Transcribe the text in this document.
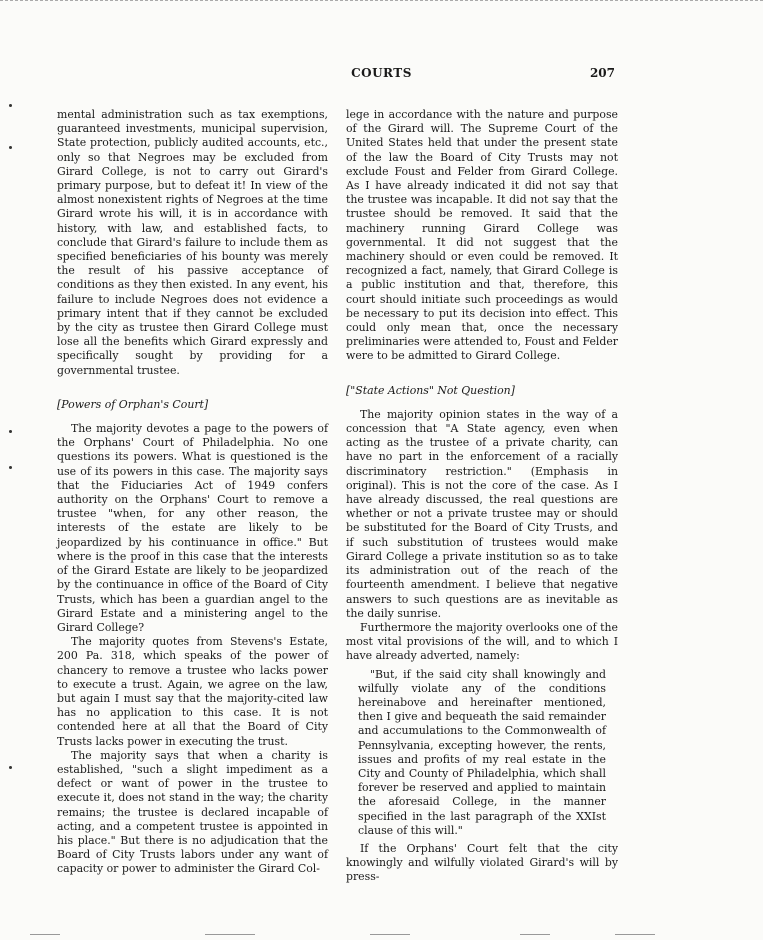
COURTS	207

mental administration such as tax exemptions, guaranteed investments, municipal supervision, State protection, publicly audited accounts, etc., only so that Negroes may be excluded from Girard College, is not to carry out Girard's primary purpose, but to defeat it! In view of the almost nonexistent rights of Negroes at the time Girard wrote his will, it is in accordance with history, with law, and established facts, to conclude that Girard's failure to include them as specified beneficiaries of his bounty was merely the result of his passive acceptance of conditions as they then existed. In any event, his failure to include Negroes does not evidence a primary intent that if they cannot be excluded by the city as trustee then Girard College must lose all the benefits which Girard expressly and specifically sought by providing for a governmental trustee.

[Powers of Orphan's Court]

The majority devotes a page to the powers of the Orphans' Court of Philadelphia. No one questions its powers. What is questioned is the use of its powers in this case. The majority says that the Fiduciaries Act of 1949 confers authority on the Orphans' Court to remove a trustee "when, for any other reason, the interests of the estate are likely to be jeopardized by his continuance in office." But where is the proof in this case that the interests of the Girard Estate are likely to be jeopardized by the continuance in office of the Board of City Trusts, which has been a guardian angel to the Girard Estate and a ministering angel to the Girard College?

The majority quotes from Stevens's Estate, 200 Pa. 318, which speaks of the power of chancery to remove a trustee who lacks power to execute a trust. Again, we agree on the law, but again I must say that the majority-cited law has no application to this case. It is not contended here at all that the Board of City Trusts lacks power in executing the trust.

The majority says that when a charity is established, "such a slight impediment as a defect or want of power in the trustee to execute it, does not stand in the way; the charity remains; the trustee is declared incapable of acting, and a competent trustee is appointed in his place." But there is no adjudication that the Board of City Trusts labors under any want of capacity or power to administer the Girard Col-

lege in accordance with the nature and purpose of the Girard will. The Supreme Court of the United States held that under the present state of the law the Board of City Trusts may not exclude Foust and Felder from Girard College. As I have already indicated it did not say that the trustee was incapable. It did not say that the trustee should be removed. It said that the machinery running Girard College was governmental. It did not suggest that the machinery should or even could be removed. It recognized a fact, namely, that Girard College is a public institution and that, therefore, this court should initiate such proceedings as would be necessary to put its decision into effect. This could only mean that, once the necessary preliminaries were attended to, Foust and Felder were to be admitted to Girard College.

["State Actions" Not Question]

The majority opinion states in the way of a concession that "A State agency, even when acting as the trustee of a private charity, can have no part in the enforcement of a racially discriminatory restriction." (Emphasis in original). This is not the core of the case. As I have already discussed, the real questions are whether or not a private trustee may or should be substituted for the Board of City Trusts, and if such substitution of trustees would make Girard College a private institution so as to take its administration out of the reach of the fourteenth amendment. I believe that negative answers to such questions are as inevitable as the daily sunrise.

Furthermore the majority overlooks one of the most vital provisions of the will, and to which I have already adverted, namely:

"But, if the said city shall knowingly and wilfully violate any of the conditions hereinabove and hereinafter mentioned, then I give and bequeath the said remainder and accumulations to the Commonwealth of Pennsylvania, excepting however, the rents, issues and profits of my real estate in the City and County of Philadelphia, which shall forever be reserved and applied to maintain the aforesaid College, in the manner specified in the last paragraph of the XXIst clause of this will."

If the Orphans' Court felt that the city knowingly and wilfully violated Girard's will by press-
